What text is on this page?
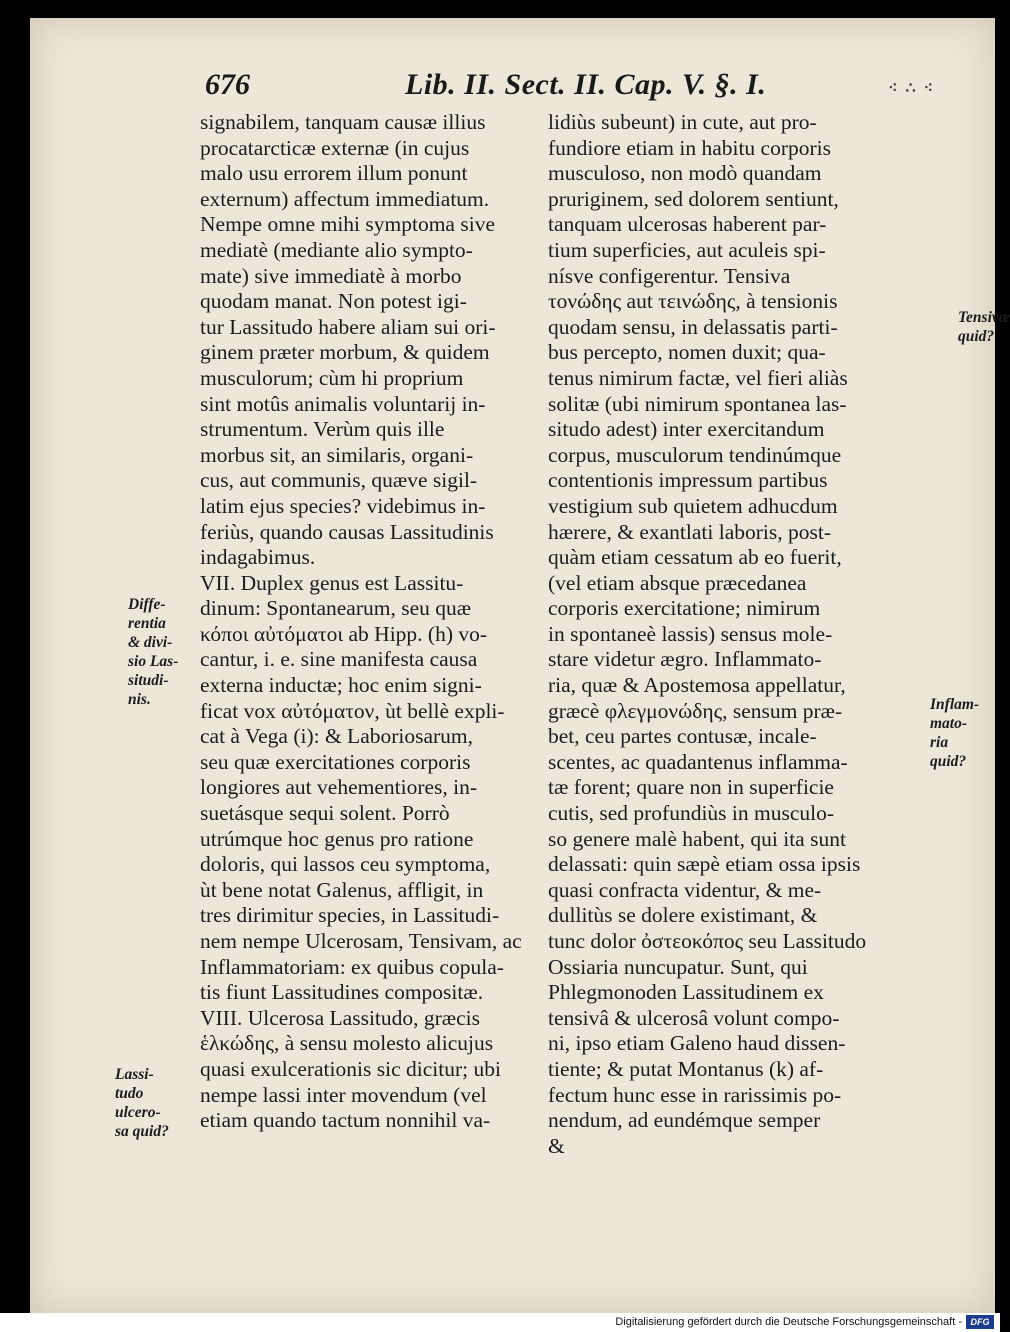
676	Lib. II. Sect. II. Cap. V. §. I.	⁖ ∴ ⁖
signabilem, tanquam causæ illius
procatarcticæ externæ (in cujus
malo usu errorem illum ponunt
externum) affectum immediatum.
Nempe omne mihi symptoma sive
mediatè (mediante alio sympto-
mate) sive immediatè à morbo
quodam manat. Non potest igi-
tur Lassitudo habere aliam sui ori-
ginem præter morbum, & quidem
musculorum; cùm hi proprium
sint motûs animalis voluntarij in-
strumentum. Verùm quis ille
morbus sit, an similaris, organi-
cus, aut communis, quæve sigil-
latim ejus species? videbimus in-
feriùs, quando causas Lassitudinis
indagabimus.
VII. Duplex genus est Lassitu-
dinum: Spontanearum, seu quæ
κόποι αὐτόματοι ab Hipp. (h) vo-
cantur, i. e. sine manifesta causa
externa inductæ; hoc enim signi-
ficat vox αὐτόματον, ùt bellè expli-
cat à Vega (i): & Laboriosarum,
seu quæ exercitationes corporis
longiores aut vehementiores, in-
suetásque sequi solent. Porrò
utrúmque hoc genus pro ratione
doloris, qui lassos ceu symptoma,
ùt bene notat Galenus, affligit, in
tres dirimitur species, in Lassitudi-
nem nempe Ulcerosam, Tensivam, ac
Inflammatoriam: ex quibus copula-
tis fiunt Lassitudines compositæ.
VIII. Ulcerosa Lassitudo, græcis
ἑλκώδης, à sensu molesto alicujus
quasi exulcerationis sic dicitur; ubi
nempe lassi inter movendum (vel
etiam quando tactum nonnihil va-
lidiùs subeunt) in cute, aut pro-
fundiore etiam in habitu corporis
musculoso, non modò quandam
pruriginem, sed dolorem sentiunt,
tanquam ulcerosas haberent par-
tium superficies, aut aculeis spi-
nísve configerentur. Tensiva
τονώδης aut τεινώδης, à tensionis
quodam sensu, in delassatis parti-
bus percepto, nomen duxit; qua-
tenus nimirum factæ, vel fieri aliàs
solitæ (ubi nimirum spontanea las-
situdo adest) inter exercitandum
corpus, musculorum tendinúmque
contentionis impressum partibus
vestigium sub quietem adhucdum
hærere, & exantlati laboris, post-
quàm etiam cessatum ab eo fuerit,
(vel etiam absque præcedanea
corporis exercitatione; nimirum
in spontaneè lassis) sensus mole-
stare videtur ægro. Inflammato-
ria, quæ & Apostemosa appellatur,
græcè φλεγμονώδης, sensum præ-
bet, ceu partes contusæ, incale-
scentes, ac quadantenus inflamma-
tæ forent; quare non in superficie
cutis, sed profundiùs in musculo-
so genere malè habent, qui ita sunt
delassati: quin sæpè etiam ossa ipsis
quasi confracta videntur, & me-
dullitùs se dolere existimant, &
tunc dolor ὀστεοκόπος seu Lassitudo
Ossiaria nuncupatur. Sunt, qui
Phlegmonoden Lassitudinem ex
tensivâ & ulcerosâ volunt compo-
ni, ipso etiam Galeno haud dissen-
tiente; & putat Montanus (k) af-
fectum hunc esse in rarissimis po-
nendum, ad eundémque semper
&
Diffe-
rentia
& divi-
sio Las-
situdi-
nis.
Lassi-
tudo
ulcero-
sa quid?
Tensivæ
quid?
Inflam-
mato-
ria
quid?
Digitalisierung gefördert durch die Deutsche Forschungsgemeinschaft - DFG
